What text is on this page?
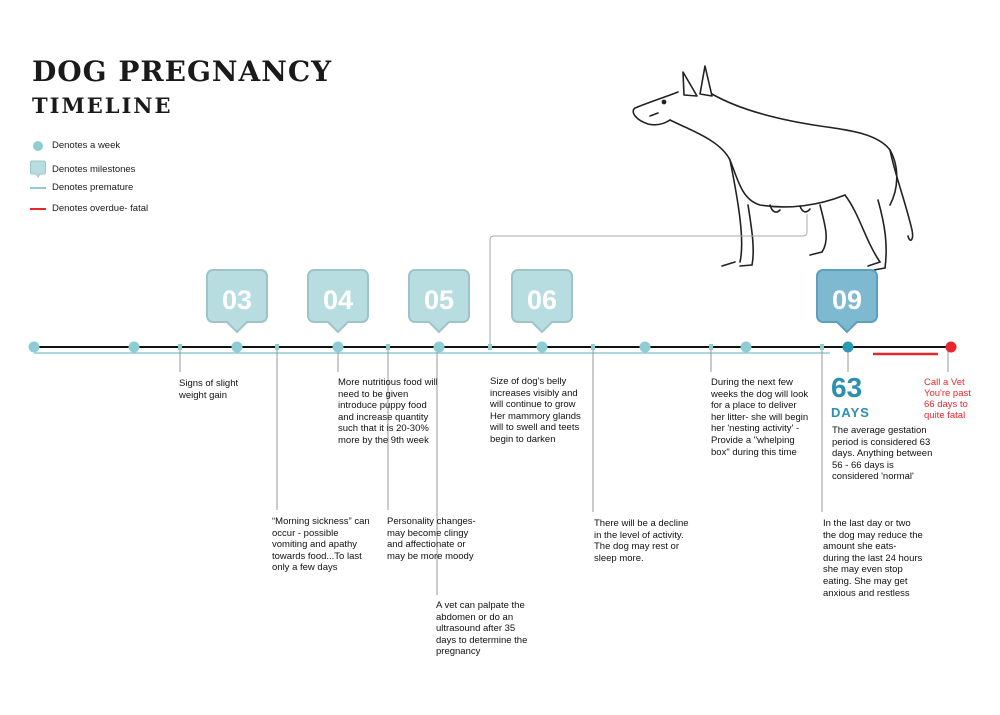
03	04	05	06	09
DOG PREGNANCY
TIMELINE
Denotes a week
Denotes milestones
Denotes premature
Denotes overdue- fatal
Signs of slight weight gain
“Morning sickness” can occur - possible vomiting and apathy towards food...To last only a few days
More nutritious food will need to be given introduce puppy food and increase quantity such that it is 20-30% more by the 9th week
Personality changes- may become clingy and affectionate or may be more moody
A vet can palpate the abdomen or do an ultrasound after 35 days to determine the pregnancy
Size of dog's belly increases visibly and will continue to grow Her mammory glands will to swell and teets begin to darken
There will be a decline in the level of activity. The dog may rest or sleep more.
During the next few weeks the dog will look for a place to deliver her litter- she will begin her 'nesting activity' - Provide a "whelping box" during this time
The average gestation period is considered 63 days. Anything between 56 - 66 days is considered 'normal'
In the last day or two the dog may reduce the amount she eats- during the last 24 hours she may even stop eating. She may get anxious and restless
Call a Vet You're past 66 days to quite fatal
63
DAYS
